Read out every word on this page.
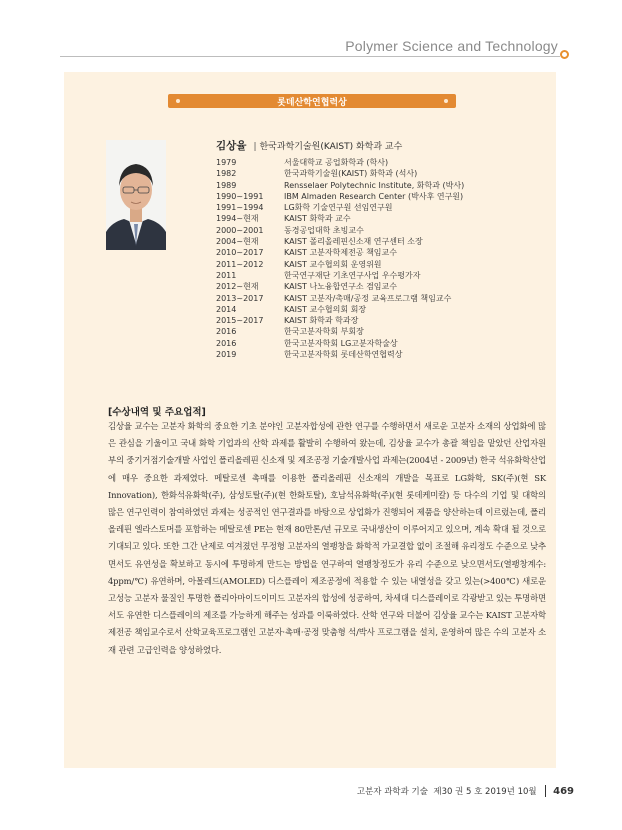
Polymer Science and Technology
롯데산학연협력상
김상율 | 한국과학기술원(KAIST) 화학과 교수
1979	서울대학교 공업화학과 (학사)
1982	한국과학기술원(KAIST) 화학과 (석사)
1989	Rensselaer Polytechnic Institute, 화학과 (박사)
1990~1991	IBM Almaden Research Center (박사후 연구원)
1991~1994	LG화학 기술연구원 선임연구원
1994~현재	KAIST 화학과 교수
2000~2001	동경공업대학 초빙교수
2004~현재	KAIST 폴리올레핀신소재 연구센터 소장
2010~2017	KAIST 고분자학제전공 책임교수
2011~2012	KAIST 교수협의회 운영위원
2011	한국연구재단 기초연구사업 우수평가자
2012~현재	KAIST 나노융합연구소 겸임교수
2013~2017	KAIST 고분자/촉매/공정 교육프로그램 책임교수
2014	KAIST 교수협의회 회장
2015~2017	KAIST 화학과 학과장
2016	한국고분자학회 부회장
2016	한국고분자학회 LG고분자학술상
2019	한국고분자학회 롯데산학연협력상
[수상내역 및 주요업적]
김상율 교수는 고분자 화학의 중요한 기초 분야인 고분자합성에 관한 연구를 수행하면서 새로운 고분자 소재의 상업화에 많은 관심을 기울이고 국내 화학 기업과의 산학 과제를 활발히 수행하여 왔는데, 김상율 교수가 총괄 책임을 맡았던 산업자원부의 중기거점기술개발 사업인 폴리올레핀 신소재 및 제조공정 기술개발사업 과제는(2004년 - 2009년) 한국 석유화학산업에 매우 중요한 과제였다. 메탈로센 촉매를 이용한 폴리올레핀 신소재의 개발을 목표로 LG화학, SK(주)(현 SK Innovation), 한화석유화학(주), 삼성토탈(주)(현 한화토탈), 호남석유화학(주)(현 롯데케미칼) 등 다수의 기업 및 대학의 많은 연구인력이 참여하였던 과제는 성공적인 연구결과를 바탕으로 상업화가 진행되어 제품을 양산하는데 이르렀는데, 폴리올레핀 엘라스토머를 포함하는 메탈로센 PE는 현재 80만톤/년 규모로 국내생산이 이루어지고 있으며, 계속 확대 될 것으로 기대되고 있다. 또한 그간 난제로 여겨졌던 무정형 고분자의 열팽창을 화학적 가교결합 없이 조절해 유리정도 수준으로 낮추면서도 유연성을 확보하고 동시에 투명하게 만드는 방법을 연구하여 열팽창정도가 유리 수준으로 낮으면서도(열팽창계수: 4ppm/℃) 유연하며, 아몰레드(AMOLED) 디스플레이 제조공정에 적용할 수 있는 내열성을 갖고 있는(>400℃) 새로운 고성능 고분자 물질인 투명한 폴리아마이드이미드 고분자의 합성에 성공하여, 차세대 디스플레이로 각광받고 있는 투명하면서도 유연한 디스플레이의 제조를 가능하게 해주는 성과를 이룩하였다. 산학 연구와 더불어 김상율 교수는 KAIST 고분자학제전공 책임교수로서 산학교육프로그램인 고분자·촉매·공정 맞춤형 석/박사 프로그램을 설치, 운영하여 많은 수의 고분자 소재 관련 고급인력을 양성하였다.
고분자 과학과 기술
제30 권 5 호 2019년 10월 469
